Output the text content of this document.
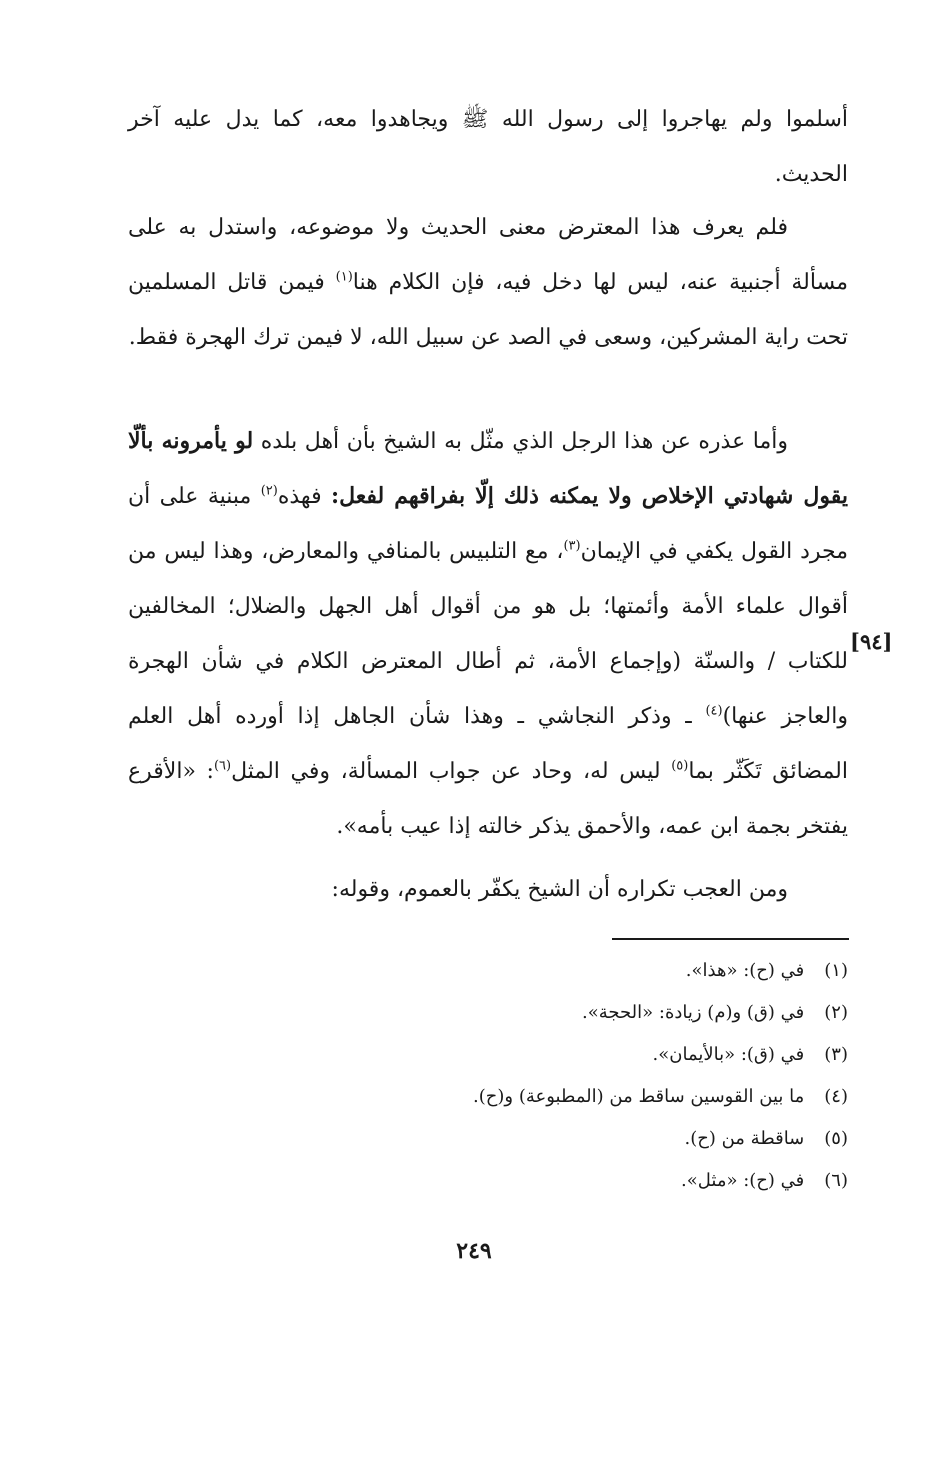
أسلموا ولم يهاجروا إلى رسول الله ﷺ ويجاهدوا معه، كما يدل عليه آخر الحديث.

فلم يعرف هذا المعترض معنى الحديث ولا موضوعه، واستدل به على مسألة أجنبية عنه، ليس لها دخل فيه، فإن الكلام هنا$^{(١)}$ فيمن قاتل المسلمين تحت راية المشركين، وسعى في الصد عن سبيل الله، لا فيمن ترك الهجرة فقط.

وأما عذره عن هذا الرجل الذي مثّل به الشيخ بأن أهل بلده لو يأمرونه بألّا يقول شهادتي الإخلاص ولا يمكنه ذلك إلّا بفراقهم لفعل: فهذه$^{(٢)}$ مبنية على أن مجرد القول يكفي في الإيمان$^{(٣)}$، مع التلبيس بالمنافي والمعارض، وهذا ليس من أقوال علماء الأمة وأئمتها؛ بل هو من أقوال أهل الجهل والضلال؛ المخالفين للكتاب / والسنّة (وإجماع الأمة، ثم أطال المعترض الكلام في شأن الهجرة والعاجز عنها)$^{(٤)}$ ـ وذكر النجاشي ـ وهذا شأن الجاهل إذا أورده أهل العلم المضائق تَكَثّر بما$^{(٥)}$ ليس له، وحاد عن جواب المسألة، وفي المثل$^{(٦)}$: «الأقرع يفتخر بجمة ابن عمه، والأحمق يذكر خالته إذا عيب بأمه».

[٩٤]

ومن العجب تكراره أن الشيخ يكفّر بالعموم، وقوله:

(١) في (ح): «هذا».
(٢) في (ق) و(م) زيادة: «الحجة».
(٣) في (ق): «بالأيمان».
(٤) ما بين القوسين ساقط من (المطبوعة) و(ح).
(٥) ساقطة من (ح).
(٦) في (ح): «مثل».
٢٤٩
